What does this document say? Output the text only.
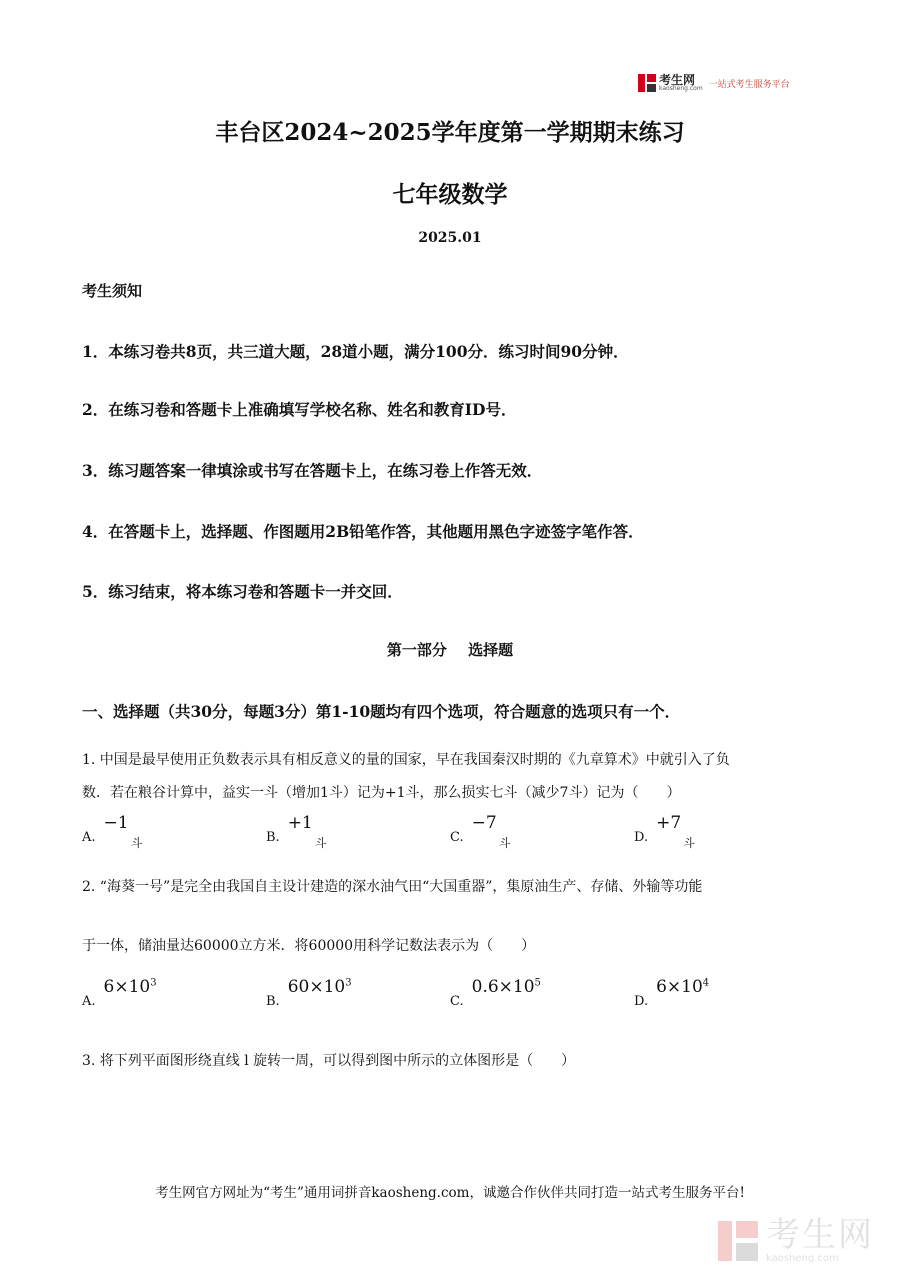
考生网
kaosheng.com 一站式考生服务平台
丰台区2024~2025学年度第一学期期末练习
七年级数学
2025.01
考生须知
1．本练习卷共8页，共三道大题，28道小题，满分100分．练习时间90分钟．
2．在练习卷和答题卡上准确填写学校名称、姓名和教育ID号．
3．练习题答案一律填涂或书写在答题卡上，在练习卷上作答无效．
4．在答题卡上，选择题、作图题用2B铅笔作答，其他题用黑色字迹签字笔作答．
5．练习结束，将本练习卷和答题卡一并交回．
第一部分 选择题
一、选择题（共30分，每题3分）第1-10题均有四个选项，符合题意的选项只有一个．
1. 中国是最早使用正负数表示具有相反意义的量的国家，早在我国秦汉时期的《九章算术》中就引入了负
数．若在粮谷计算中，益实一斗（增加1斗）记为+1斗，那么损实七斗（减少7斗）记为（　　）
A.
−1
斗	B.
+1
斗	C.
−7
斗	D.
+7
斗
2. “海葵一号”是完全由我国自主设计建造的深水油气田“大国重器”，集原油生产、存储、外输等功能
于一体，储油量达60000立方米．将60000用科学记数法表示为（　　）
A.
$6\times 10^3$
B.
$60\times 10^3$
C.
$0.6\times 10^5$
D.
$6\times 10^4$
3. 将下列平面图形绕直线 l 旋转一周，可以得到图中所示的立体图形是（　　）
考生网官方网址为“考生”通用词拼音kaosheng.com，诚邀合作伙伴共同打造一站式考生服务平台!
考生网
kaosheng.com
